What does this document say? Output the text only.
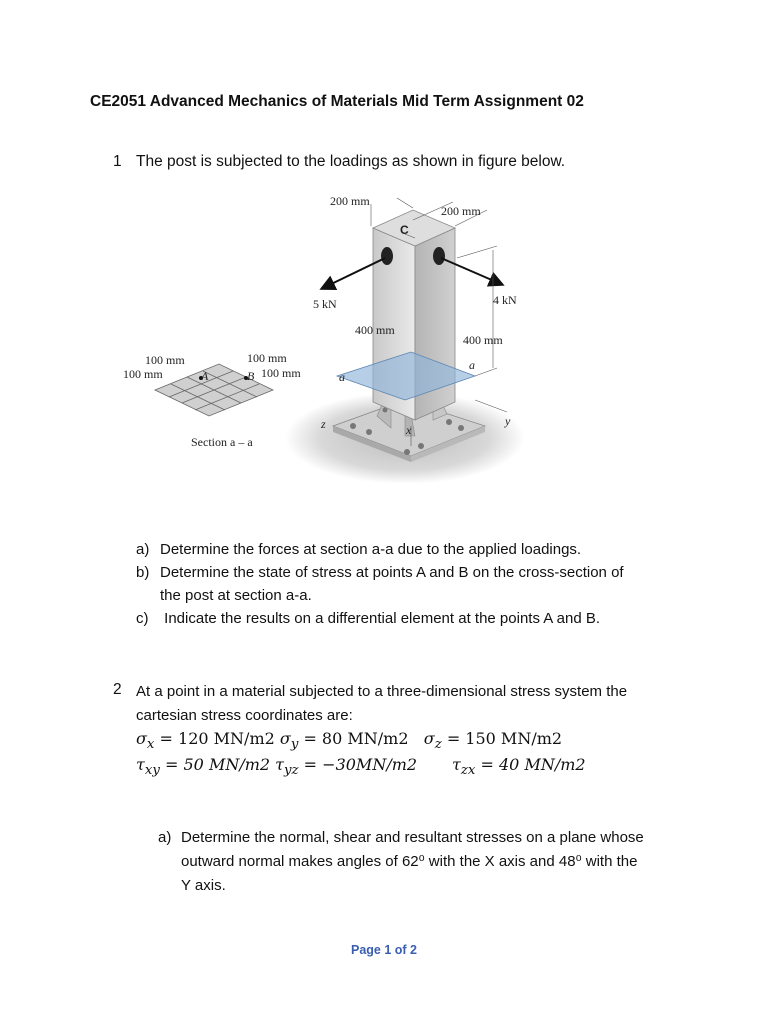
CE2051 Advanced Mechanics of Materials Mid Term Assignment 02
1 The post is subjected to the loadings as shown in figure below.
200 mm
200 mm
C
5 kN	4 kN
400 mm
400 mm
a
a
100 mm
100 mm
100 mm
100 mm
A	B
Section a – a
z	x
y
a) Determine the forces at section a-a due to the applied loadings.
b) Determine the state of stress at points A and B on the cross-section of
the post at section a-a.
c) Indicate the results on a differential element at the points A and B.
2 At a point in a material subjected to a three-dimensional stress system the
cartesian stress coordinates are:
$\sigma_x = 120$ MN/m2 $\sigma_y = 80$ MN/m2 $\sigma_z = 150$ MN/m2
$\tau_{xy} = 50$ MN/m2 $\tau_{yz} = -30MN/m2$ $\tau_{zx} = 40$ MN/m2
a) Determine the normal, shear and resultant stresses on a plane whose
outward normal makes angles of 62⁰ with the X axis and 48⁰ with the
Y axis.
Page 1 of 2
